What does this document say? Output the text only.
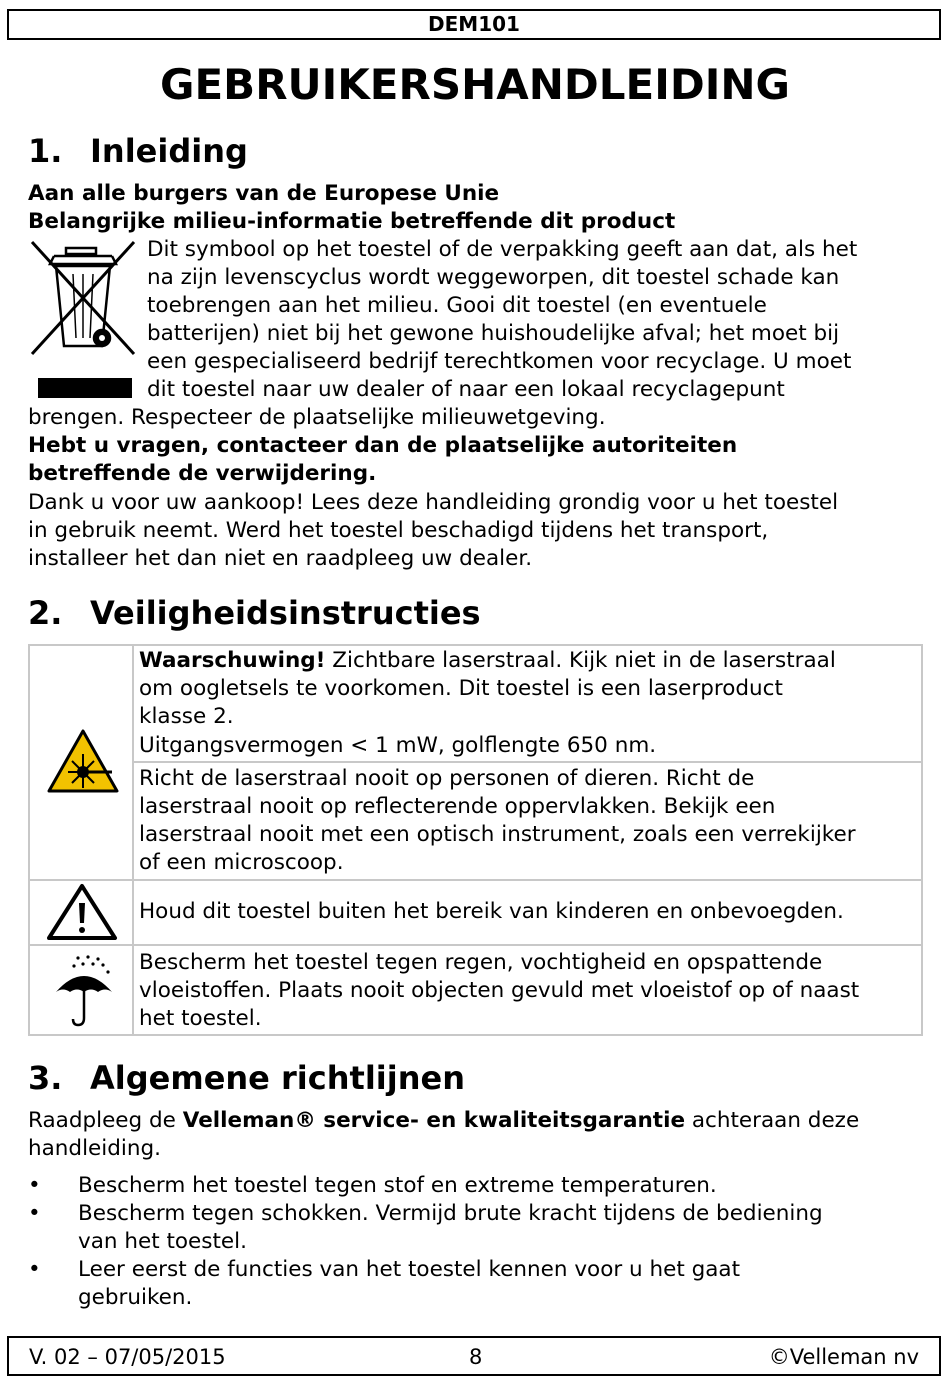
DEM101
GEBRUIKERSHANDLEIDING
1. Inleiding
Aan alle burgers van de Europese Unie
Belangrijke milieu-informatie betreffende dit product
Dit symbool op het toestel of de verpakking geeft aan dat, als het
na zijn levenscyclus wordt weggeworpen, dit toestel schade kan
toebrengen aan het milieu. Gooi dit toestel (en eventuele
batterijen) niet bij het gewone huishoudelijke afval; het moet bij
een gespecialiseerd bedrijf terechtkomen voor recyclage. U moet
dit toestel naar uw dealer of naar een lokaal recyclagepunt
brengen. Respecteer de plaatselijke milieuwetgeving.
Hebt u vragen, contacteer dan de plaatselijke autoriteiten
betreffende de verwijdering.
Dank u voor uw aankoop! Lees deze handleiding grondig voor u het toestel
in gebruik neemt. Werd het toestel beschadigd tijdens het transport,
installeer het dan niet en raadpleeg uw dealer.
2. Veiligheidsinstructies
Waarschuwing! Zichtbare laserstraal. Kijk niet in de laserstraal
om oogletsels te voorkomen. Dit toestel is een laserproduct
klasse 2.
Uitgangsvermogen < 1 mW, golflengte 650 nm.
Richt de laserstraal nooit op personen of dieren. Richt de
laserstraal nooit op reflecterende oppervlakken. Bekijk een
laserstraal nooit met een optisch instrument, zoals een verrekijker
of een microscoop.
Houd dit toestel buiten het bereik van kinderen en onbevoegden.
Bescherm het toestel tegen regen, vochtigheid en opspattende
vloeistoffen. Plaats nooit objecten gevuld met vloeistof op of naast
het toestel.
3. Algemene richtlijnen
Raadpleeg de Velleman® service- en kwaliteitsgarantie achteraan deze
handleiding.
• Bescherm het toestel tegen stof en extreme temperaturen.
• Bescherm tegen schokken. Vermijd brute kracht tijdens de bediening
van het toestel.
• Leer eerst de functies van het toestel kennen voor u het gaat
gebruiken.
V. 02 – 07/05/2015	8	©Velleman nv
